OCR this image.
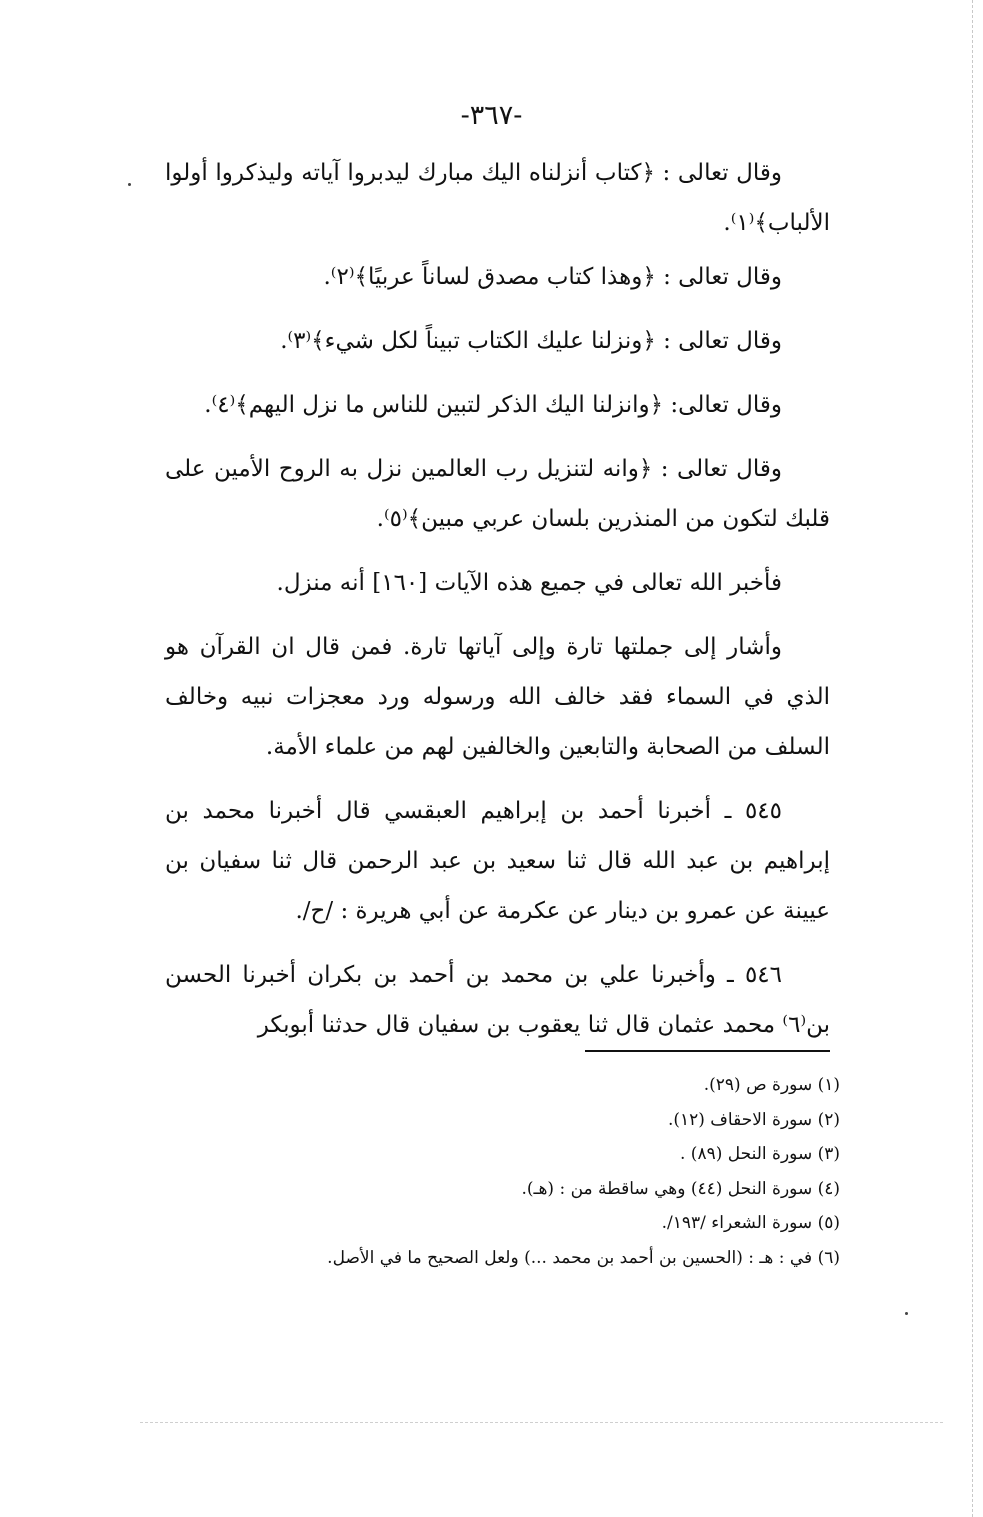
-٣٦٧-

وقال تعالى : ﴿كتاب أنزلناه اليك مبارك ليدبروا آياته وليذكروا أولوا الألباب﴾⁽١⁾.

وقال تعالى : ﴿وهذا كتاب مصدق لساناً عربيًا﴾⁽٢⁾.

وقال تعالى : ﴿ونزلنا عليك الكتاب تبيناً لكل شيء﴾⁽٣⁾.

وقال تعالى: ﴿وانزلنا اليك الذكر لتبين للناس ما نزل اليهم﴾⁽٤⁾.

وقال تعالى : ﴿وانه لتنزيل رب العالمين نزل به الروح الأمين على قلبك لتكون من المنذرين بلسان عربي مبين﴾⁽٥⁾.

فأخبر الله تعالى في جميع هذه الآيات [١٦٠] أنه منزل.

وأشار إلى جملتها تارة وإلى آياتها تارة. فمن قال ان القرآن هو الذي في السماء فقد خالف الله ورسوله ورد معجزات نبيه وخالف السلف من الصحابة والتابعين والخالفين لهم من علماء الأمة.

٥٤٥ ـ أخبرنا أحمد بن إبراهيم العبقسي قال أخبرنا محمد بن إبراهيم بن عبد الله قال ثنا سعيد بن عبد الرحمن قال ثنا سفيان بن عيينة عن عمرو بن دينار عن عكرمة عن أبي هريرة : /ح/.

٥٤٦ ـ وأخبرنا علي بن محمد بن أحمد بن بكران أخبرنا الحسن بن⁽٦⁾ محمد عثمان قال ثنا يعقوب بن سفيان قال حدثنا أبوبكر

(١) سورة ص (٢٩).

(٢) سورة الاحقاف (١٢).

(٣) سورة النحل (٨٩) .

(٤) سورة النحل (٤٤) وهي ساقطة من : (هـ).

(٥) سورة الشعراء /١٩٣/.

(٦) في : هـ : (الحسين بن أحمد بن محمد ...) ولعل الصحيح ما في الأصل.
